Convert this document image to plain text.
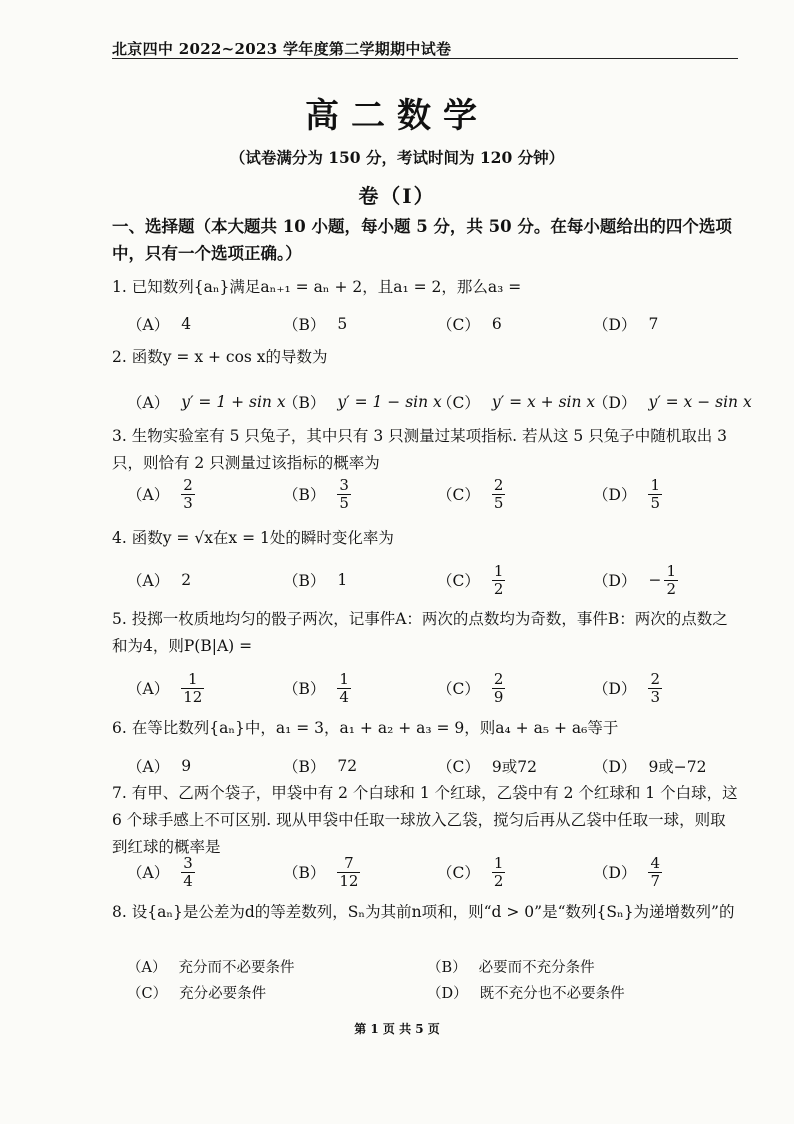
北京四中 2022~2023 学年度第二学期期中试卷
高二数学
（试卷满分为 150 分，考试时间为 120 分钟）
卷（I）
一、选择题（本大题共 10 小题，每小题 5 分，共 50 分。在每小题给出的四个选项中，只有一个选项正确。）
1. 已知数列{aₙ}满足aₙ₊₁ = aₙ + 2，且a₁ = 2，那么a₃ =
（A） 4	（B） 5	（C） 6	（D） 7
2. 函数y = x + cos x的导数为
（A） y′ = 1 + sin x
（B） y′ = 1 − sin x
（C） y′ = x + sin x
（D） y′ = x − sin x
3. 生物实验室有 5 只兔子，其中只有 3 只测量过某项指标. 若从这 5 只兔子中随机取出 3 只，则恰有 2 只测量过该指标的概率为
$(A) \frac{2}{3}$	$(B) \frac{3}{5}$	$(C) \frac{2}{5}$	$(D) \frac{1}{5}$
4. 函数y = √x在x = 1处的瞬时变化率为
（A） 2	（B） 1	$(C) \frac{1}{2}$	$(D) - \frac{1}{2}$
5. 投掷一枚质地均匀的骰子两次，记事件A：两次的点数均为奇数，事件B：两次的点数之和为4，则P(B|A) =
$(A) \frac{1}{12}$	$(B) \frac{1}{4}$	$(C) \frac{2}{9}$	$(D) \frac{2}{3}$
6. 在等比数列{aₙ}中，a₁ = 3，a₁ + a₂ + a₃ = 9，则a₄ + a₅ + a₆等于
（A） 9	（B） 72	（C） 9或72	（D） 9或−72
7. 有甲、乙两个袋子，甲袋中有 2 个白球和 1 个红球，乙袋中有 2 个红球和 1 个白球，这 6 个球手感上不可区别. 现从甲袋中任取一球放入乙袋，搅匀后再从乙袋中任取一球，则取到红球的概率是
$(A) \frac{3}{4}$	$(B) \frac{7}{12}$	$(C) \frac{1}{2}$	$(D) \frac{4}{7}$
8. 设{aₙ}是公差为d的等差数列，Sₙ为其前n项和，则“d > 0”是“数列{Sₙ}为递增数列”的
（A） 充分而不必要条件	（B） 必要而不充分条件
（C） 充分必要条件	（D） 既不充分也不必要条件
第 1 页 共 5 页
